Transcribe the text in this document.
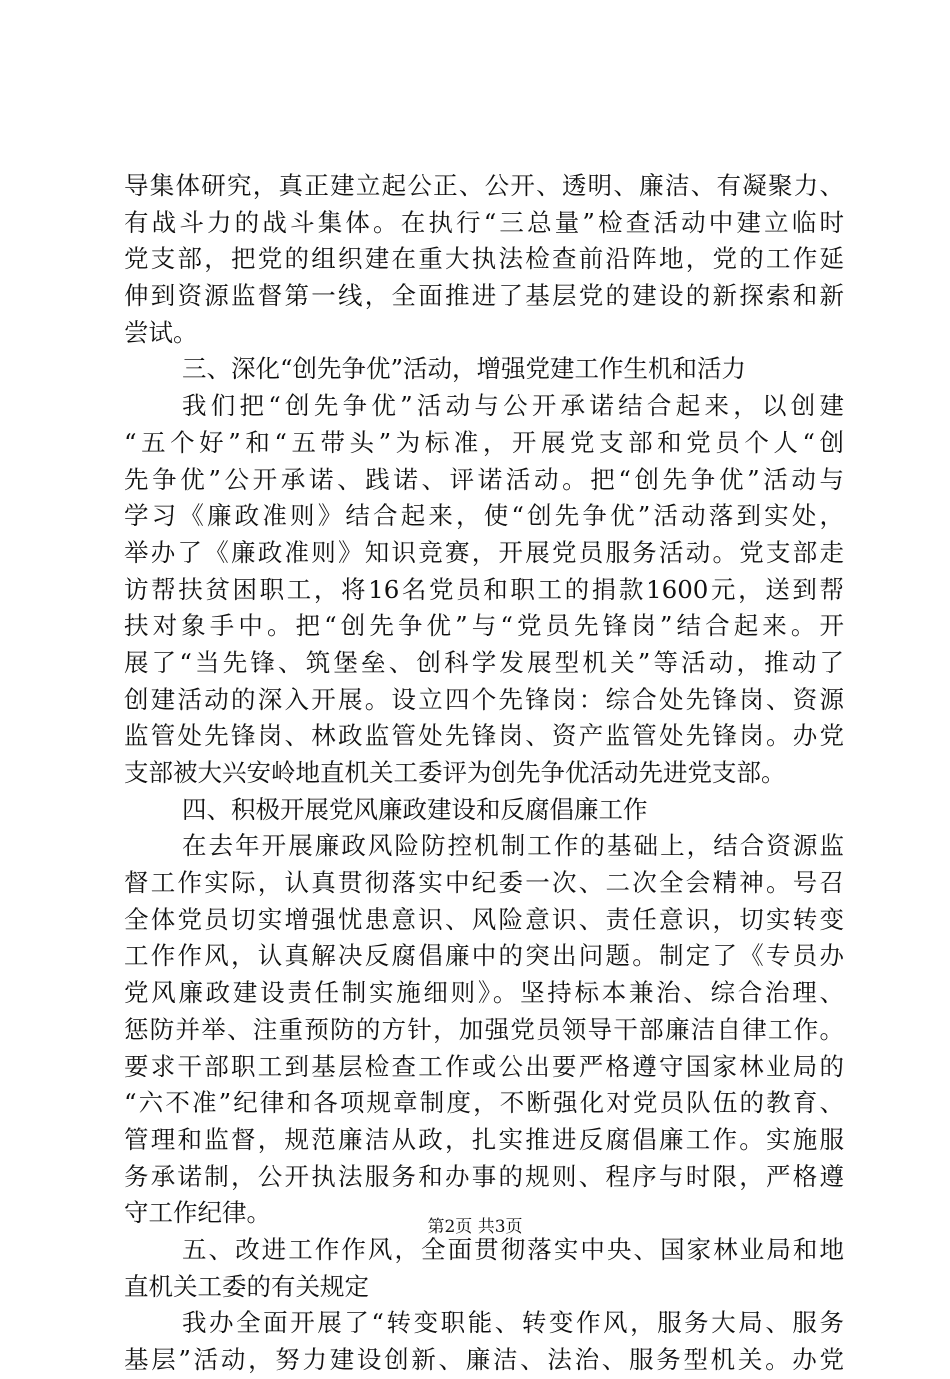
导集体研究，真正建立起公正、公开、透明、廉洁、有凝聚力、
有战斗力的战斗集体。在执行“三总量”检查活动中建立临时
党支部，把党的组织建在重大执法检查前沿阵地，党的工作延
伸到资源监督第一线，全面推进了基层党的建设的新探索和新
尝试。
三、深化“创先争优”活动，增强党建工作生机和活力
我们把“创先争优”活动与公开承诺结合起来，以创建
“五个好”和“五带头”为标准，开展党支部和党员个人“创
先争优”公开承诺、践诺、评诺活动。把“创先争优”活动与
学习《廉政准则》结合起来，使“创先争优”活动落到实处，
举办了《廉政准则》知识竞赛，开展党员服务活动。党支部走
访帮扶贫困职工，将16名党员和职工的捐款1600元，送到帮
扶对象手中。把“创先争优”与“党员先锋岗”结合起来。开
展了“当先锋、筑堡垒、创科学发展型机关”等活动，推动了
创建活动的深入开展。设立四个先锋岗：综合处先锋岗、资源
监管处先锋岗、林政监管处先锋岗、资产监管处先锋岗。办党
支部被大兴安岭地直机关工委评为创先争优活动先进党支部。
四、积极开展党风廉政建设和反腐倡廉工作
在去年开展廉政风险防控机制工作的基础上，结合资源监
督工作实际，认真贯彻落实中纪委一次、二次全会精神。号召
全体党员切实增强忧患意识、风险意识、责任意识，切实转变
工作作风，认真解决反腐倡廉中的突出问题。制定了《专员办
党风廉政建设责任制实施细则》。坚持标本兼治、综合治理、
惩防并举、注重预防的方针，加强党员领导干部廉洁自律工作。
要求干部职工到基层检查工作或公出要严格遵守国家林业局的
“六不准”纪律和各项规章制度，不断强化对党员队伍的教育、
管理和监督，规范廉洁从政，扎实推进反腐倡廉工作。实施服
务承诺制，公开执法服务和办事的规则、程序与时限，严格遵
守工作纪律。
五、改进工作作风，全面贯彻落实中央、国家林业局和地
直机关工委的有关规定
我办全面开展了“转变职能、转变作风，服务大局、服务
基层”活动，努力建设创新、廉洁、法治、服务型机关。办党
第2页 共3页
